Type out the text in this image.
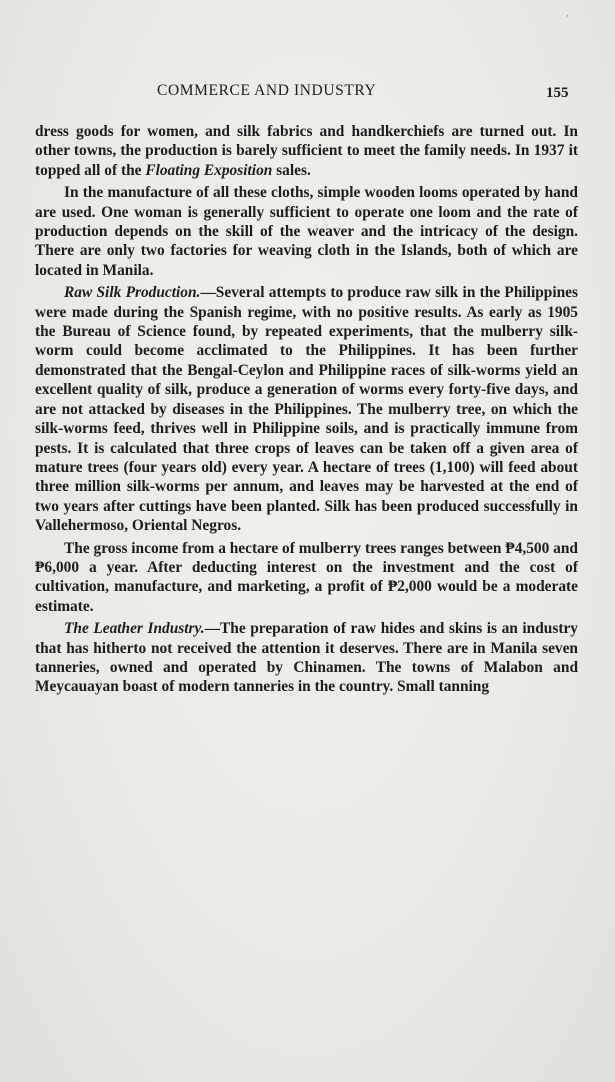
·
COMMERCE AND INDUSTRY	155

dress goods for women, and silk fabrics and handkerchiefs are turned out. In other towns, the production is barely sufficient to meet the family needs. In 1937 it topped all of the Floating Exposition sales.

In the manufacture of all these cloths, simple wooden looms operated by hand are used. One woman is generally sufficient to operate one loom and the rate of production depends on the skill of the weaver and the intricacy of the design. There are only two factories for weaving cloth in the Islands, both of which are located in Manila.

Raw Silk Production.—Several attempts to produce raw silk in the Philippines were made during the Spanish regime, with no positive results. As early as 1905 the Bureau of Science found, by repeated experiments, that the mulberry silk-worm could become acclimated to the Philippines. It has been further demonstrated that the Bengal-Ceylon and Philippine races of silk-worms yield an excellent quality of silk, produce a generation of worms every forty-five days, and are not attacked by diseases in the Philippines. The mulberry tree, on which the silk-worms feed, thrives well in Philippine soils, and is practically immune from pests. It is calculated that three crops of leaves can be taken off a given area of mature trees (four years old) every year. A hectare of trees (1,100) will feed about three million silk-worms per annum, and leaves may be harvested at the end of two years after cuttings have been planted. Silk has been produced successfully in Vallehermoso, Oriental Negros.

The gross income from a hectare of mulberry trees ranges between ₱4,500 and ₱6,000 a year. After deducting interest on the investment and the cost of cultivation, manufacture, and marketing, a profit of ₱2,000 would be a moderate estimate.

The Leather Industry.—The preparation of raw hides and skins is an industry that has hitherto not received the attention it deserves. There are in Manila seven tanneries, owned and operated by Chinamen. The towns of Malabon and Meycauayan boast of modern tanneries in the country. Small tanning
